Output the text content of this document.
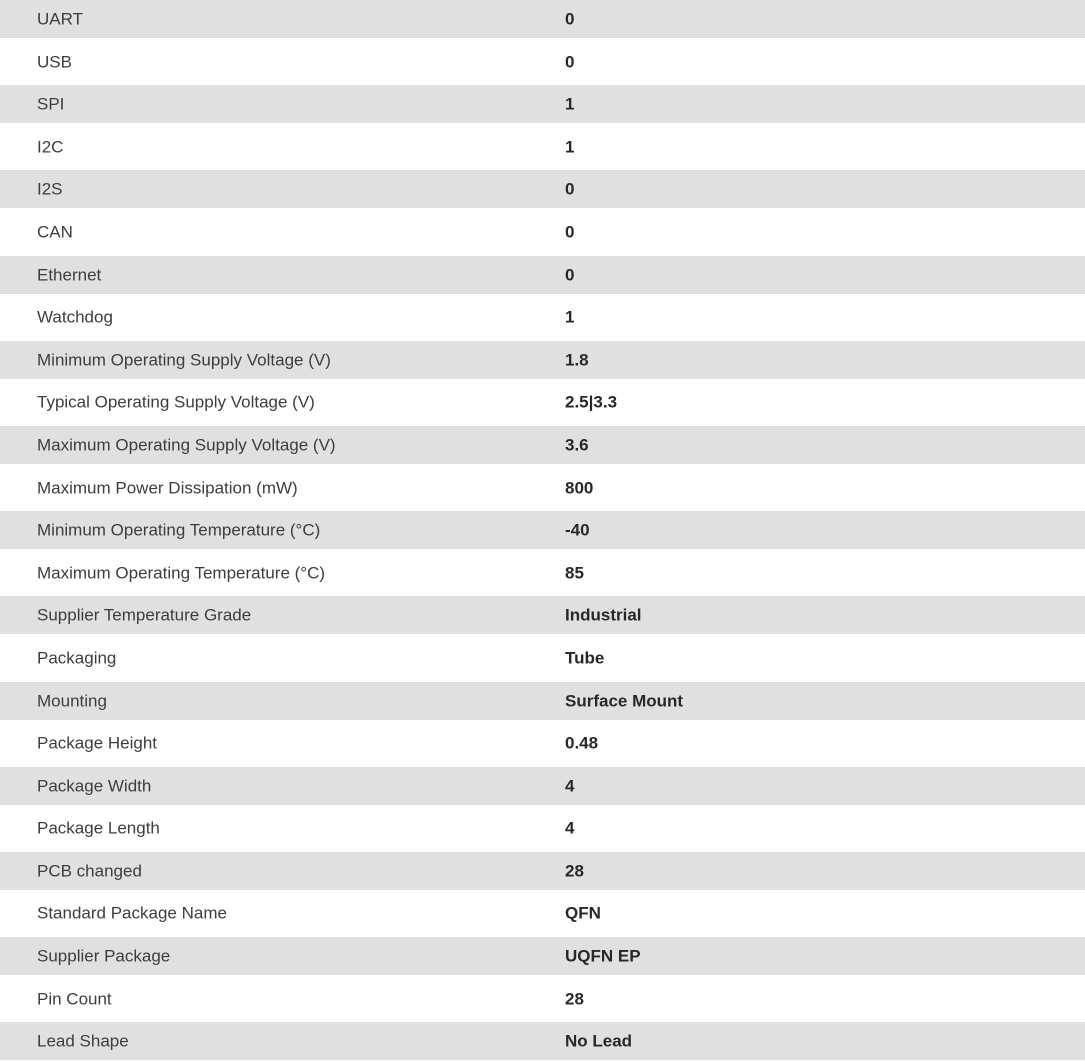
UART	0
USB	0
SPI	1
I2C	1
I2S	0
CAN	0
Ethernet	0
Watchdog	1
Minimum Operating Supply Voltage (V)	1.8
Typical Operating Supply Voltage (V)	2.5|3.3
Maximum Operating Supply Voltage (V)	3.6
Maximum Power Dissipation (mW)	800
Minimum Operating Temperature (°C)	-40
Maximum Operating Temperature (°C)	85
Supplier Temperature Grade	Industrial
Packaging	Tube
Mounting	Surface Mount
Package Height	0.48
Package Width	4
Package Length	4
PCB changed	28
Standard Package Name	QFN
Supplier Package	UQFN EP
Pin Count	28
Lead Shape	No Lead
